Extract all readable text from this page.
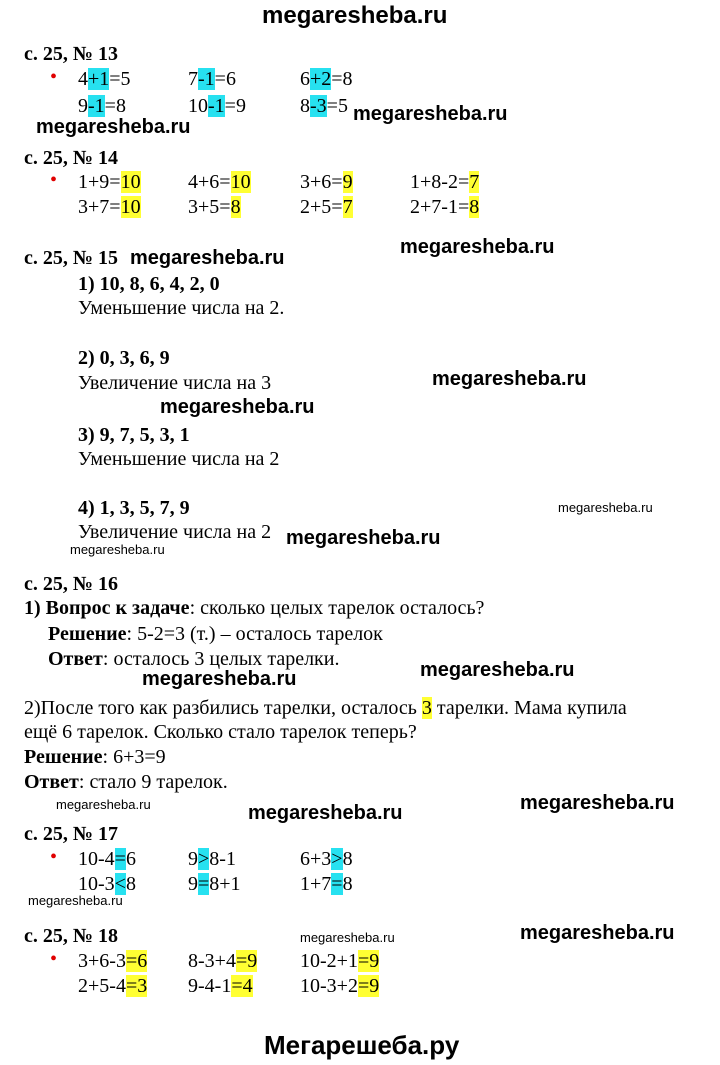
megaresheba.ru
с. 25, № 13
• 4+1=5	7-1=6	6+2=8
9-1=8	10-1=9	8-3=5 megaresheba.ru
megaresheba.ru
с. 25, № 14
• 1+9=10 4+6=10 3+6=9	1+8-2=7
3+7=10 3+5=8	2+5=7	2+7-1=8
с. 25, № 15 megaresheba.ru	megaresheba.ru
1) 10, 8, 6, 4, 2, 0
Уменьшение числа на 2.
2) 0, 3, 6, 9
Увеличение числа на 3	megaresheba.ru
megaresheba.ru
3) 9, 7, 5, 3, 1
Уменьшение числа на 2
4) 1, 3, 5, 7, 9	megaresheba.ru
Увеличение числа на 2 megaresheba.ru
megaresheba.ru
с. 25, № 16
1) Вопрос к задаче: сколько целых тарелок осталось?
Решение: 5-2=3 (т.) – осталось тарелок
Ответ: осталось 3 целых тарелки.	megaresheba.ru
megaresheba.ru
2)После того как разбились тарелки, осталось 3 тарелки. Мама купила
ещё 6 тарелок. Сколько стало тарелок теперь?
Решение: 6+3=9
Ответ: стало 9 тарелок.
megaresheba.ru	megaresheba.ru	megaresheba.ru
с. 25, № 17
• 10-4=6	9>8-1	6+3>8
10-3<8	9=8+1	1+7=8
megaresheba.ru
с. 25, № 18	megaresheba.ru	megaresheba.ru
• 3+6-3=6 8-3+4=9 10-2+1=9
2+5-4=3 9-4-1=4 10-3+2=9
Мегарешеба.ру
